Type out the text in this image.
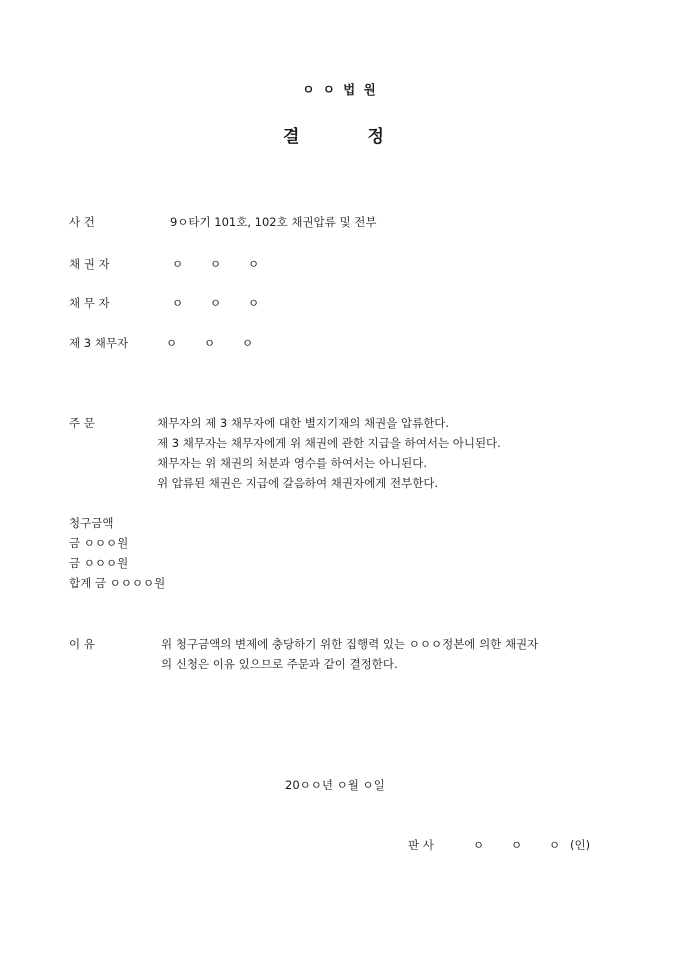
ㅇ ㅇ 법 원
결	정
사 건	9ㅇ타기 101호, 102호 채권압류 및 전부
채 권 자	ㅇ ㅇ ㅇ
채 무 자	ㅇ ㅇ ㅇ
제 3 채무자	ㅇ ㅇ ㅇ
주 문	채무자의 제 3 채무자에 대한 별지기재의 채권을 압류한다.
제 3 채무자는 채무자에게 위 채권에 관한 지급을 하여서는 아니된다.
채무자는 위 채권의 처분과 영수를 하여서는 아니된다.
위 압류된 채권은 지급에 갈음하여 채권자에게 전부한다.
청구금액
금 ㅇㅇㅇ원
금 ㅇㅇㅇ원
합계 금 ㅇㅇㅇㅇ원
이 유	위 청구금액의 변제에 충당하기 위한 집행력 있는 ㅇㅇㅇ정본에 의한 채권자
의 신청은 이유 있으므로 주문과 같이 결정한다.
20ㅇㅇ년 ㅇ월 ㅇ일
판 사	ㅇ ㅇ ㅇ (인)
